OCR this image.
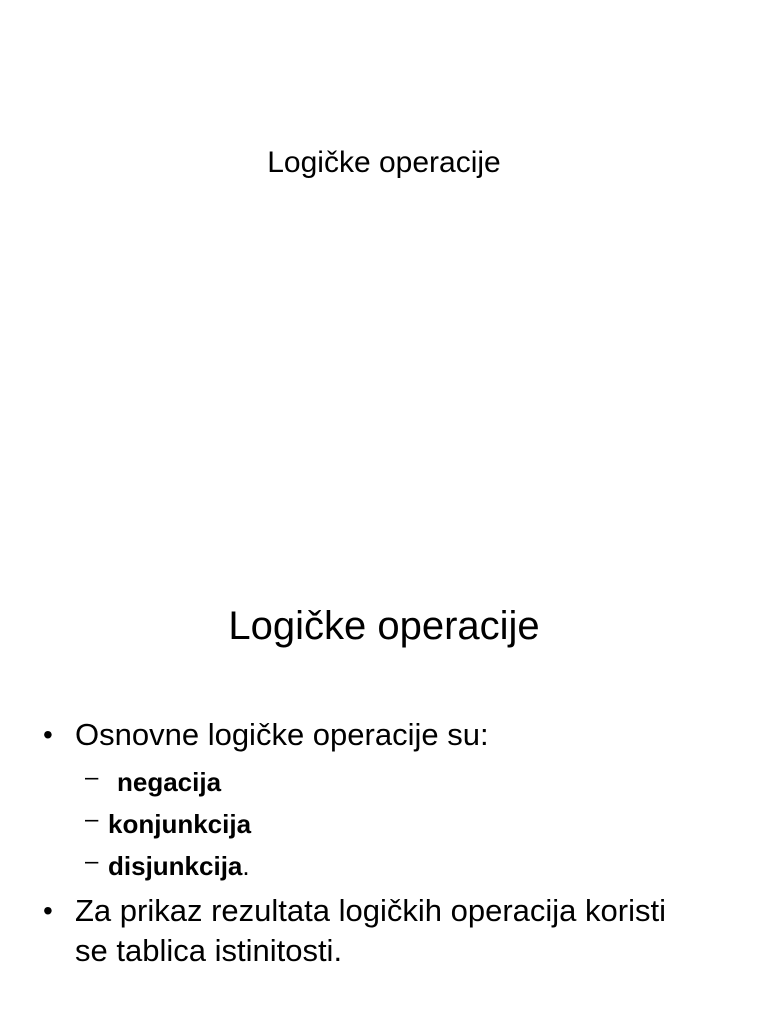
Logičke operacije
Logičke operacije
• Osnovne logičke operacije su:
– negacija
– konjunkcija
– disjunkcija.
• Za prikaz rezultata logičkih operacija koristi se tablica istinitosti.
